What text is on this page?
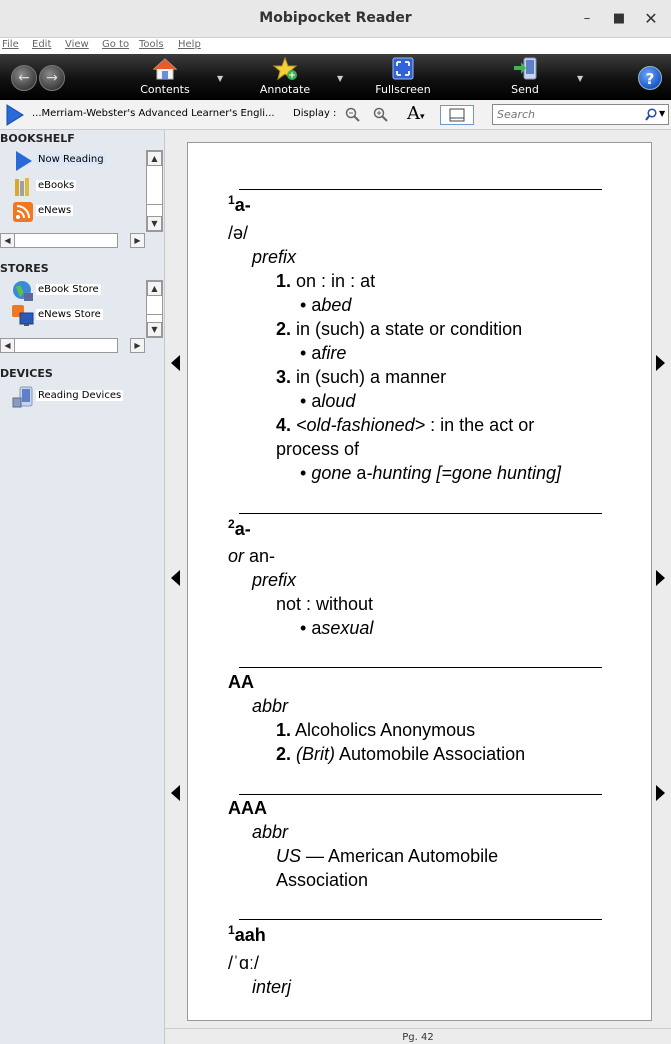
Mobipocket Reader	–	■	✕
File Edit View Go to Tools Help
←	→
Contents
▼	+
Annotate
▼
Fullscreen	Send
▼	?
...Merriam-Webster's Advanced Learner's Engli... Display :	A▾
Search	▼
BOOKSHELF
Now Reading
eBooks
eNews
▲
▼
◀	▶
STORES
eBook Store
eNews Store
▲
▼
◀	▶
DEVICES
Reading Devices
$^1$a-
/ə/
prefix
1. on : in : at
• abed
2. in (such) a state or condition
• afire
3. in (such) a manner
• aloud
4. <old-fashioned> : in the act or
process of
• gone a-hunting [=gone hunting]
$^2$a-
or an-
prefix
not : without
• asexual
AA
abbr
1. Alcoholics Anonymous
2. (Brit) Automobile Association
AAA
abbr
US — American Automobile
Association
$^1$aah
/ˈɑː/
interj
Pg. 42
